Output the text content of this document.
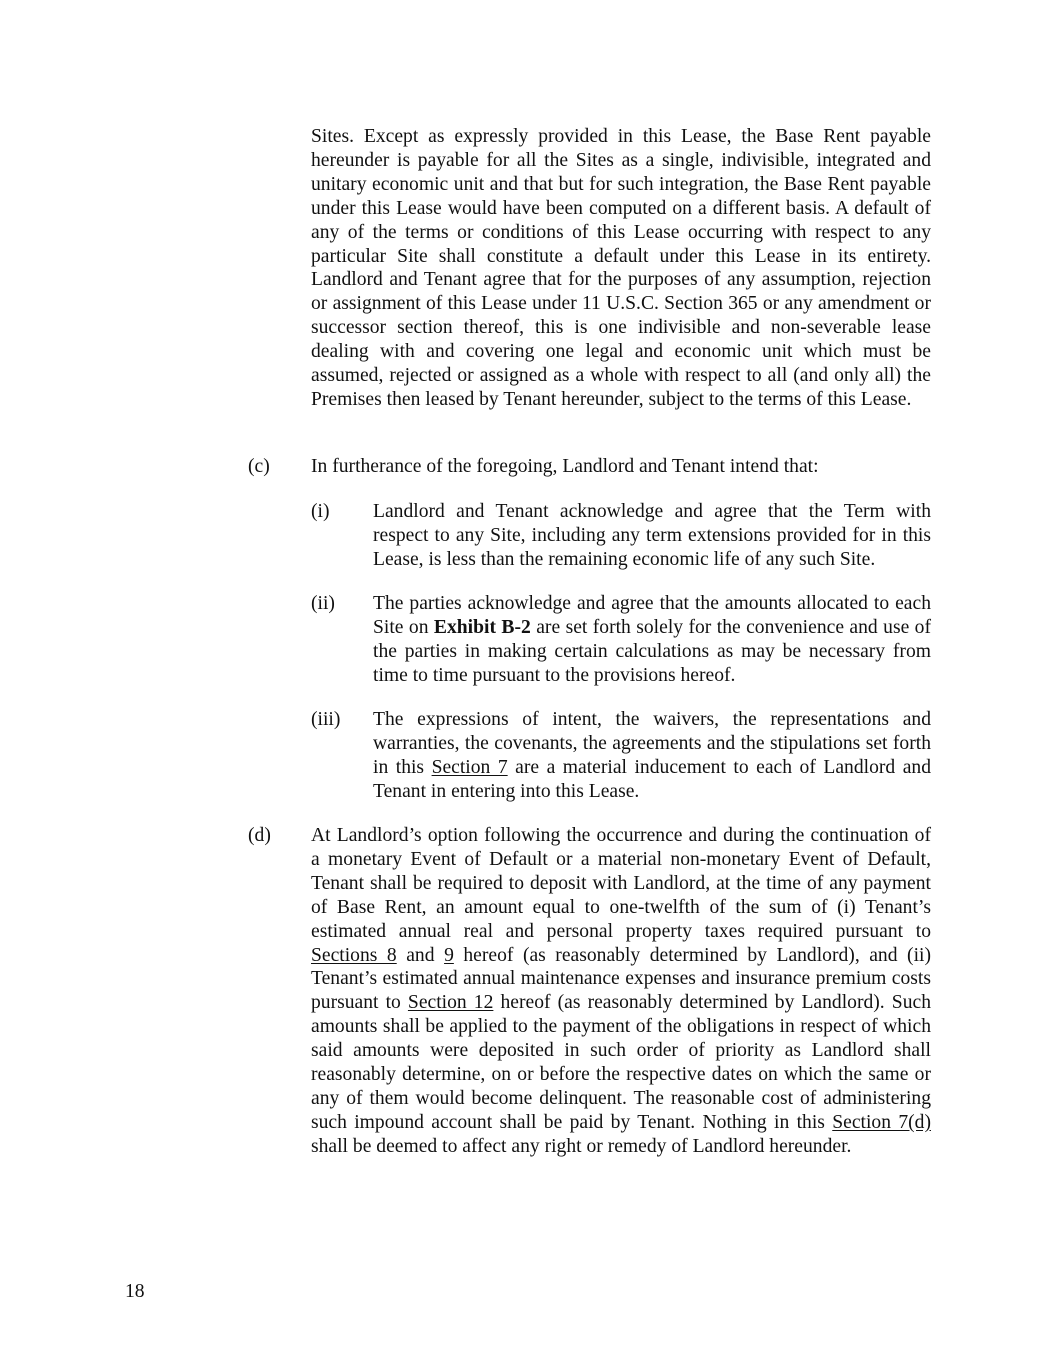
Sites. Except as expressly provided in this Lease, the Base Rent payable hereunder is payable for all the Sites as a single, indivisible, integrated and unitary economic unit and that but for such integration, the Base Rent payable under this Lease would have been computed on a different basis. A default of any of the terms or conditions of this Lease occurring with respect to any particular Site shall constitute a default under this Lease in its entirety. Landlord and Tenant agree that for the purposes of any assumption, rejection or assignment of this Lease under 11 U.S.C. Section 365 or any amendment or successor section thereof, this is one indivisible and non-severable lease dealing with and covering one legal and economic unit which must be assumed, rejected or assigned as a whole with respect to all (and only all) the Premises then leased by Tenant hereunder, subject to the terms of this Lease.

(c) In furtherance of the foregoing, Landlord and Tenant intend that:

(i) Landlord and Tenant acknowledge and agree that the Term with respect to any Site, including any term extensions provided for in this Lease, is less than the remaining economic life of any such Site.

(ii) The parties acknowledge and agree that the amounts allocated to each Site on Exhibit B-2 are set forth solely for the convenience and use of the parties in making certain calculations as may be necessary from time to time pursuant to the provisions hereof.

(iii) The expressions of intent, the waivers, the representations and warranties, the covenants, the agreements and the stipulations set forth in this Section 7 are a material inducement to each of Landlord and Tenant in entering into this Lease.

(d) At Landlord’s option following the occurrence and during the continuation of a monetary Event of Default or a material non-monetary Event of Default, Tenant shall be required to deposit with Landlord, at the time of any payment of Base Rent, an amount equal to one-twelfth of the sum of (i) Tenant’s estimated annual real and personal property taxes required pursuant to Sections 8 and 9 hereof (as reasonably determined by Landlord), and (ii) Tenant’s estimated annual maintenance expenses and insurance premium costs pursuant to Section 12 hereof (as reasonably determined by Landlord). Such amounts shall be applied to the payment of the obligations in respect of which said amounts were deposited in such order of priority as Landlord shall reasonably determine, on or before the respective dates on which the same or any of them would become delinquent. The reasonable cost of administering such impound account shall be paid by Tenant. Nothing in this Section 7(d) shall be deemed to affect any right or remedy of Landlord hereunder.

18
